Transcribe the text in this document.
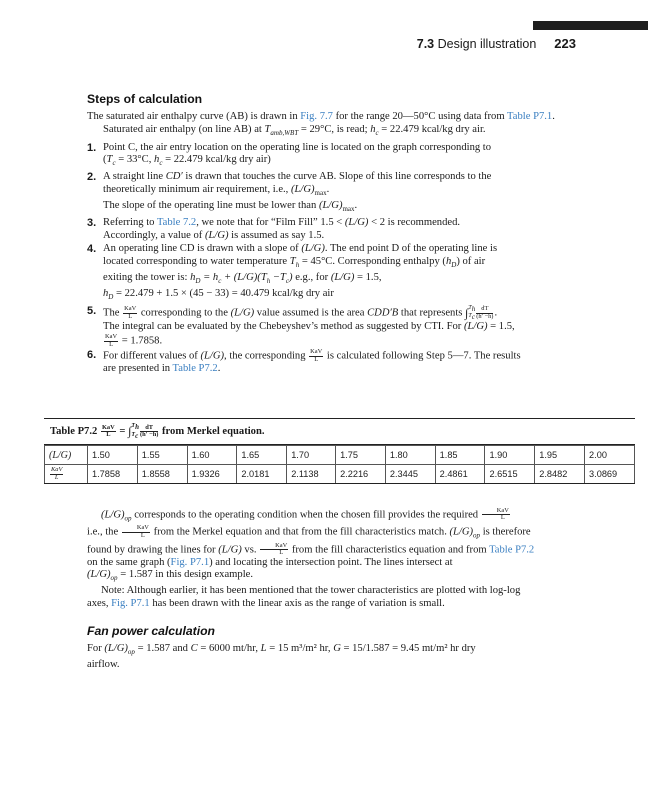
7.3 Design illustration 223
Steps of calculation

The saturated air enthalpy curve (AB) is drawn in Fig. 7.7 for the range 20—50°C using data from Table P7.1.

Saturated air enthalpy (on line AB) at $T_{amb,WBT} = 29^\circ C$, is read; $h_c = 22.479$ kcal/kg dry air.

1. Point C, the air entry location on the operating line is located on the graph corresponding to
($T_c = 33^\circ C$, $h_c = 22.479$ kcal/kg dry air)
2. A straight line CD′ is drawn that touches the curve AB. Slope of this line corresponds to the
theoretically minimum air requirement, i.e., $(L/G)_{max}$.
The slope of the operating line must be lower than $(L/G)_{max}$.
3. Referring to Table 7.2, we note that for “Film Fill” 1.5 < (L/G) < 2 is recommended.
Accordingly, a value of (L/G) is assumed as say 1.5.
4. An operating line CD is drawn with a slope of (L/G). The end point D of the operating line is
located corresponding to water temperature $T_h = 45^\circ C$. Corresponding enthalpy $(h_D)$ of air
exiting the tower is: $h_D = h_c + (L/G)(T_h -T_c)$ e.g., for (L/G) = 1.5,
$h_D = 22.479 + 1.5 \times (45 - 33) = 40.479$ kcal/kg dry air
5. The $\frac{\text{KaV}}{L}$ corresponding to the (L/G) value assumed is the area CDD′B that represents $\int T_h$
$T_c \frac{dT}{(h' -h)}$ .
The integral can be evaluated by the Chebeyshev’s method as suggested by CTI. For (L/G) = 1.5,

$\frac{\text{KaV}}{L} = 1.7858$.
6. For different values of (L/G), the corresponding $\frac{\text{KaV}}{L}$ is calculated following Step 5—7. The results
are presented in Table P7.2.
Table $P7.2 \frac{\text{KaV}}{L} = \int T_h$
$T_c \frac{dT}{(h' -h)}$ from Merkel equation.
(L/G)	1.50	1.55	1.60	1.65	1.70	1.75	1.80	1.85	1.90	1.95	2.00

$\frac{\text{KaV}}{L}$	1.7858	1.8558	1.9326	2.0181	2.1138	2.2216	2.3445	2.4861	2.6515	2.8482	3.0869

$(L/G)_{op}$ corresponds to the operating condition when the chosen fill provides the required $\frac{\text{KaV}}{L}$

i.e., the $\frac{\text{KaV}}{L}$ from the Merkel equation and that from the fill characteristics match. $(L/G)_{op}$ is therefore
found by drawing the lines for (L/G) vs. $\frac{\text{KaV}}{L}$ from the fill characteristics equation and from Table P7.2
on the same graph (Fig. P7.1) and locating the intersection point. The lines intersect at
$(L/G)_{op} = 1.587$ in this design example.

Note: Although earlier, it has been mentioned that the tower characteristics are plotted with log-log
axes, Fig. P7.1 has been drawn with the linear axis as the range of variation is small.

Fan power calculation

For $(L/G)_{op} = 1.587$ and C = 6000 mt/hr, L = 15 m³/m² hr, G = 15/1.587 = 9.45 mt/m² hr dry
airflow.
